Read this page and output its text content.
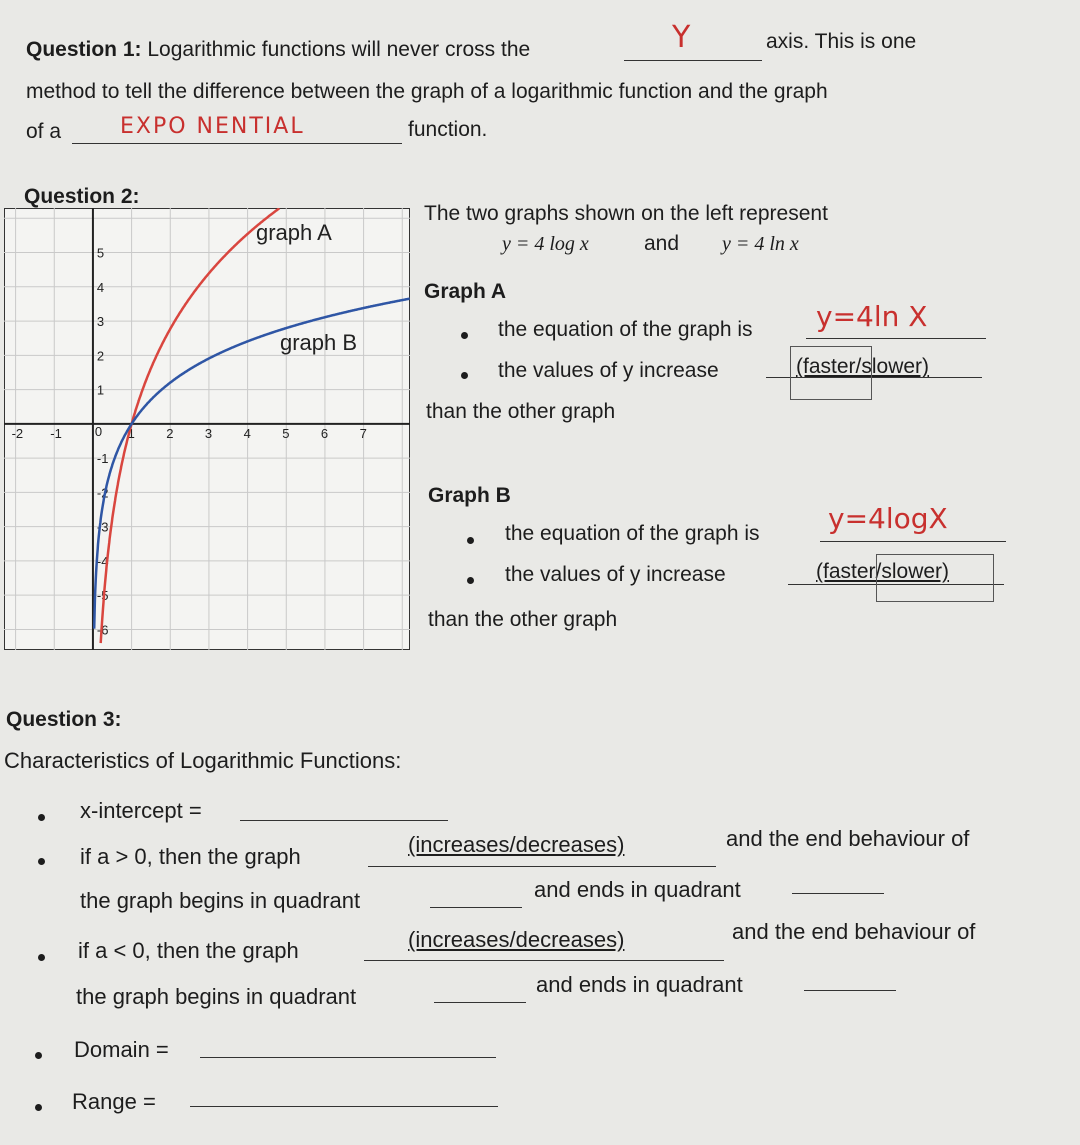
Question 1: Logarithmic functions will never cross the	Y	axis. This is one
method to tell the difference between the graph of a logarithmic function and the graph
of a	EXPO NENTIAL	function.
Question 2:
-2 -1	1 2 3 4 5 6 7
0
1
2
3
4
5
-1
-2
-3
-4
-5
-6
graph A
graph B
The two graphs shown on the left represent
y = 4 log x	and y = 4 ln x
Graph A
the equation of the graph is y=4ln X
the values of y increase	(faster/slower)
than the other graph
Graph B
the equation of the graph is y=4logX
the values of y increase	(faster/slower)
than the other graph
Question 3:
Characteristics of Logarithmic Functions:
x-intercept =
if a > 0, then the graph	(increases/decreases)	and the end behaviour of
the graph begins in quadrant	and ends in quadrant
if a < 0, then the graph	(increases/decreases)	and the end behaviour of
the graph begins in quadrant	and ends in quadrant
Domain =
Range =
